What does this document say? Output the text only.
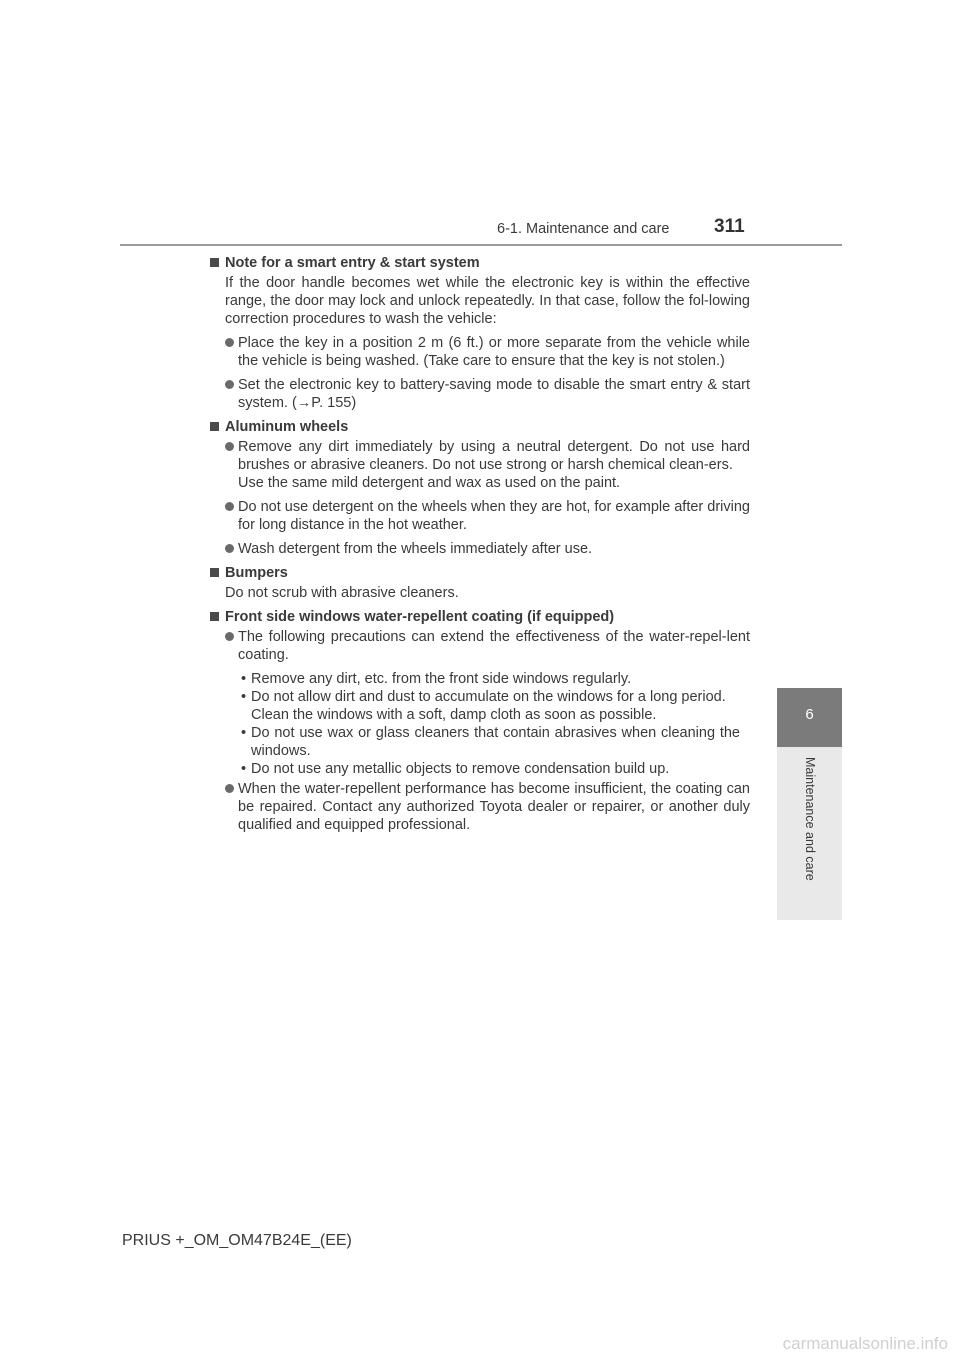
6-1. Maintenance and care 311
6
Maintenance and care
Note for a smart entry & start system
If the door handle becomes wet while the electronic key is within the effective range, the door may lock and unlock repeatedly. In that case, follow the fol-lowing correction procedures to wash the vehicle:
Place the key in a position 2 m (6 ft.) or more separate from the vehicle while the vehicle is being washed. (Take care to ensure that the key is not stolen.)
Set the electronic key to battery-saving mode to disable the smart entry & start system. (→P. 155)
Aluminum wheels
Remove any dirt immediately by using a neutral detergent. Do not use hard brushes or abrasive cleaners. Do not use strong or harsh chemical clean-ers.
Use the same mild detergent and wax as used on the paint.
Do not use detergent on the wheels when they are hot, for example after driving for long distance in the hot weather.
Wash detergent from the wheels immediately after use.
Bumpers
Do not scrub with abrasive cleaners.
Front side windows water-repellent coating (if equipped)
The following precautions can extend the effectiveness of the water-repel-lent coating.
• Remove any dirt, etc. from the front side windows regularly.
• Do not allow dirt and dust to accumulate on the windows for a long period.
Clean the windows with a soft, damp cloth as soon as possible.
• Do not use wax or glass cleaners that contain abrasives when cleaning the windows.
• Do not use any metallic objects to remove condensation build up.
When the water-repellent performance has become insufficient, the coating can be repaired. Contact any authorized Toyota dealer or repairer, or another duly qualified and equipped professional.
PRIUS +_OM_OM47B24E_(EE)
carmanualsonline.info
